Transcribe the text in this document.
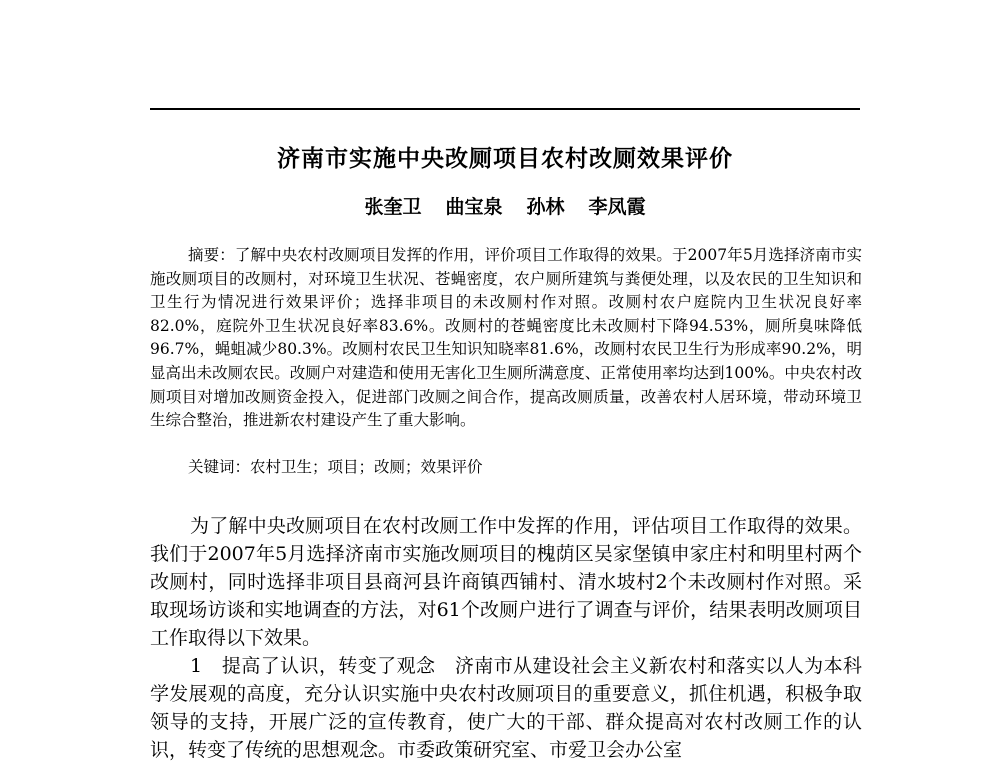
济南市实施中央改厕项目农村改厕效果评价
张奎卫 曲宝泉 孙林 李凤霞

摘要：了解中央农村改厕项目发挥的作用，评价项目工作取得的效果。于2007年5月选择济南市实施改厕项目的改厕村，对环境卫生状况、苍蝇密度，农户厕所建筑与粪便处理，以及农民的卫生知识和卫生行为情况进行效果评价；选择非项目的未改厕村作对照。改厕村农户庭院内卫生状况良好率82.0%，庭院外卫生状况良好率83.6%。改厕村的苍蝇密度比未改厕村下降94.53%，厕所臭味降低96.7%，蝇蛆减少80.3%。改厕村农民卫生知识知晓率81.6%，改厕村农民卫生行为形成率90.2%，明显高出未改厕农民。改厕户对建造和使用无害化卫生厕所满意度、正常使用率均达到100%。中央农村改厕项目对增加改厕资金投入，促进部门改厕之间合作，提高改厕质量，改善农村人居环境，带动环境卫生综合整治，推进新农村建设产生了重大影响。

关键词：农村卫生；项目；改厕；效果评价

为了解中央改厕项目在农村改厕工作中发挥的作用，评估项目工作取得的效果。我们于2007年5月选择济南市实施改厕项目的槐荫区吴家堡镇申家庄村和明里村两个改厕村，同时选择非项目县商河县许商镇西铺村、清水坡村2个未改厕村作对照。采取现场访谈和实地调查的方法，对61个改厕户进行了调查与评价，结果表明改厕项目工作取得以下效果。

1　提高了认识，转变了观念　 济南市从建设社会主义新农村和落实以人为本科学发展观的高度，充分认识实施中央农村改厕项目的重要意义，抓住机遇，积极争取领导的支持，开展广泛的宣传教育，使广大的干部、群众提高对农村改厕工作的认识，转变了传统的思想观念。市委政策研究室、市爱卫会办公室
